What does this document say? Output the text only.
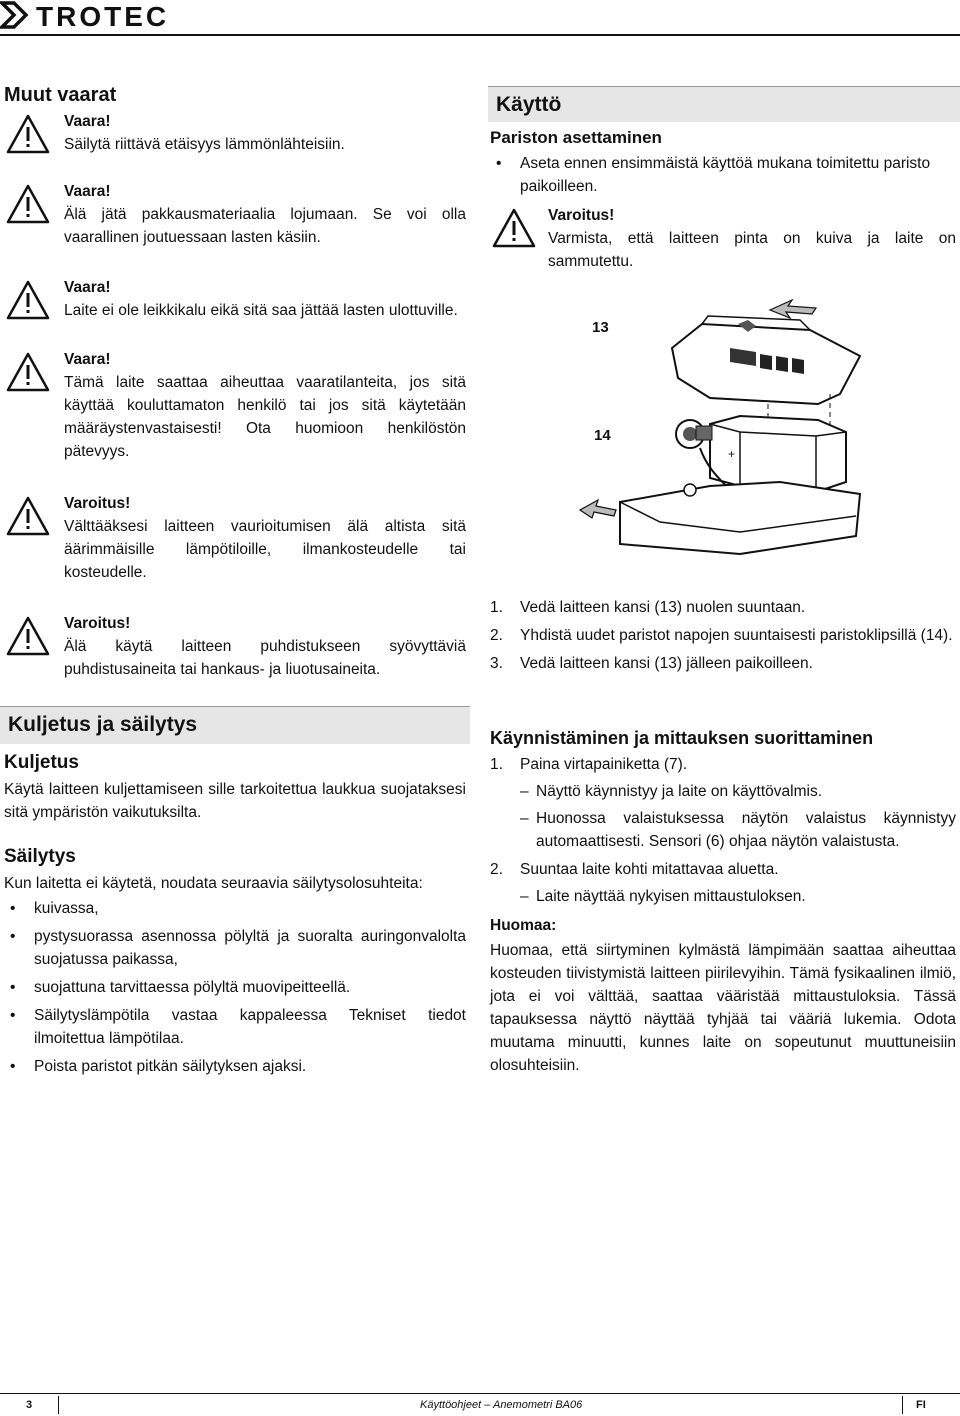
TROTEC
Muut vaarat
Vaara!
Säilytä riittävä etäisyys lämmönlähteisiin.
Vaara!
Älä jätä pakkausmateriaalia lojumaan. Se voi olla vaarallinen joutuessaan lasten käsiin.
Vaara!
Laite ei ole leikkikalu eikä sitä saa jättää lasten ulottuville.
Vaara!
Tämä laite saattaa aiheuttaa vaaratilanteita, jos sitä käyttää kouluttamaton henkilö tai jos sitä käytetään määräystenvastaisesti! Ota huomioon henkilöstön pätevyys.
Varoitus!
Välttääksesi laitteen vaurioitumisen älä altista sitä äärimmäisille lämpötiloille, ilmankosteudelle tai kosteudelle.
Varoitus!
Älä käytä laitteen puhdistukseen syövyttäviä puhdistusaineita tai hankaus- ja liuotusaineita.
Kuljetus ja säilytys
Kuljetus
Käytä laitteen kuljettamiseen sille tarkoitettua laukkua suojataksesi sitä ympäristön vaikutuksilta.
Säilytys
Kun laitetta ei käytetä, noudata seuraavia säilytysolosuhteita:
• kuivassa,
• pystysuorassa asennossa pölyltä ja suoralta auringonvalolta suojatussa paikassa,
• suojattuna tarvittaessa pölyltä muovipeitteellä.
• Säilytyslämpötila vastaa kappaleessa Tekniset tiedot ilmoitettua lämpötilaa.
• Poista paristot pitkän säilytyksen ajaksi.
Käyttö
Pariston asettaminen
• Aseta ennen ensimmäistä käyttöä mukana toimitettu paristo paikoilleen.
Varoitus!
Varmista, että laitteen pinta on kuiva ja laite on sammutettu.
+
13
14
1. Vedä laitteen kansi (13) nuolen suuntaan.
2. Yhdistä uudet paristot napojen suuntaisesti paristoklipsillä (14).
3. Vedä laitteen kansi (13) jälleen paikoilleen.
Käynnistäminen ja mittauksen suorittaminen
1. Paina virtapainiketta (7).
– Näyttö käynnistyy ja laite on käyttövalmis.
– Huonossa valaistuksessa näytön valaistus käynnistyy automaattisesti. Sensori (6) ohjaa näytön valaistusta.
2. Suuntaa laite kohti mitattavaa aluetta.
– Laite näyttää nykyisen mittaustuloksen.
Huomaa:
Huomaa, että siirtyminen kylmästä lämpimään saattaa aiheuttaa kosteuden tiivistymistä laitteen piirilevyihin. Tämä fysikaalinen ilmiö, jota ei voi välttää, saattaa vääristää mittaustuloksia. Tässä tapauksessa näyttö näyttää tyhjää tai vääriä lukemia. Odota muutama minuutti, kunnes laite on sopeutunut muuttuneisiin olosuhteisiin.
3	Käyttöohjeet – Anemometri BA06	FI
